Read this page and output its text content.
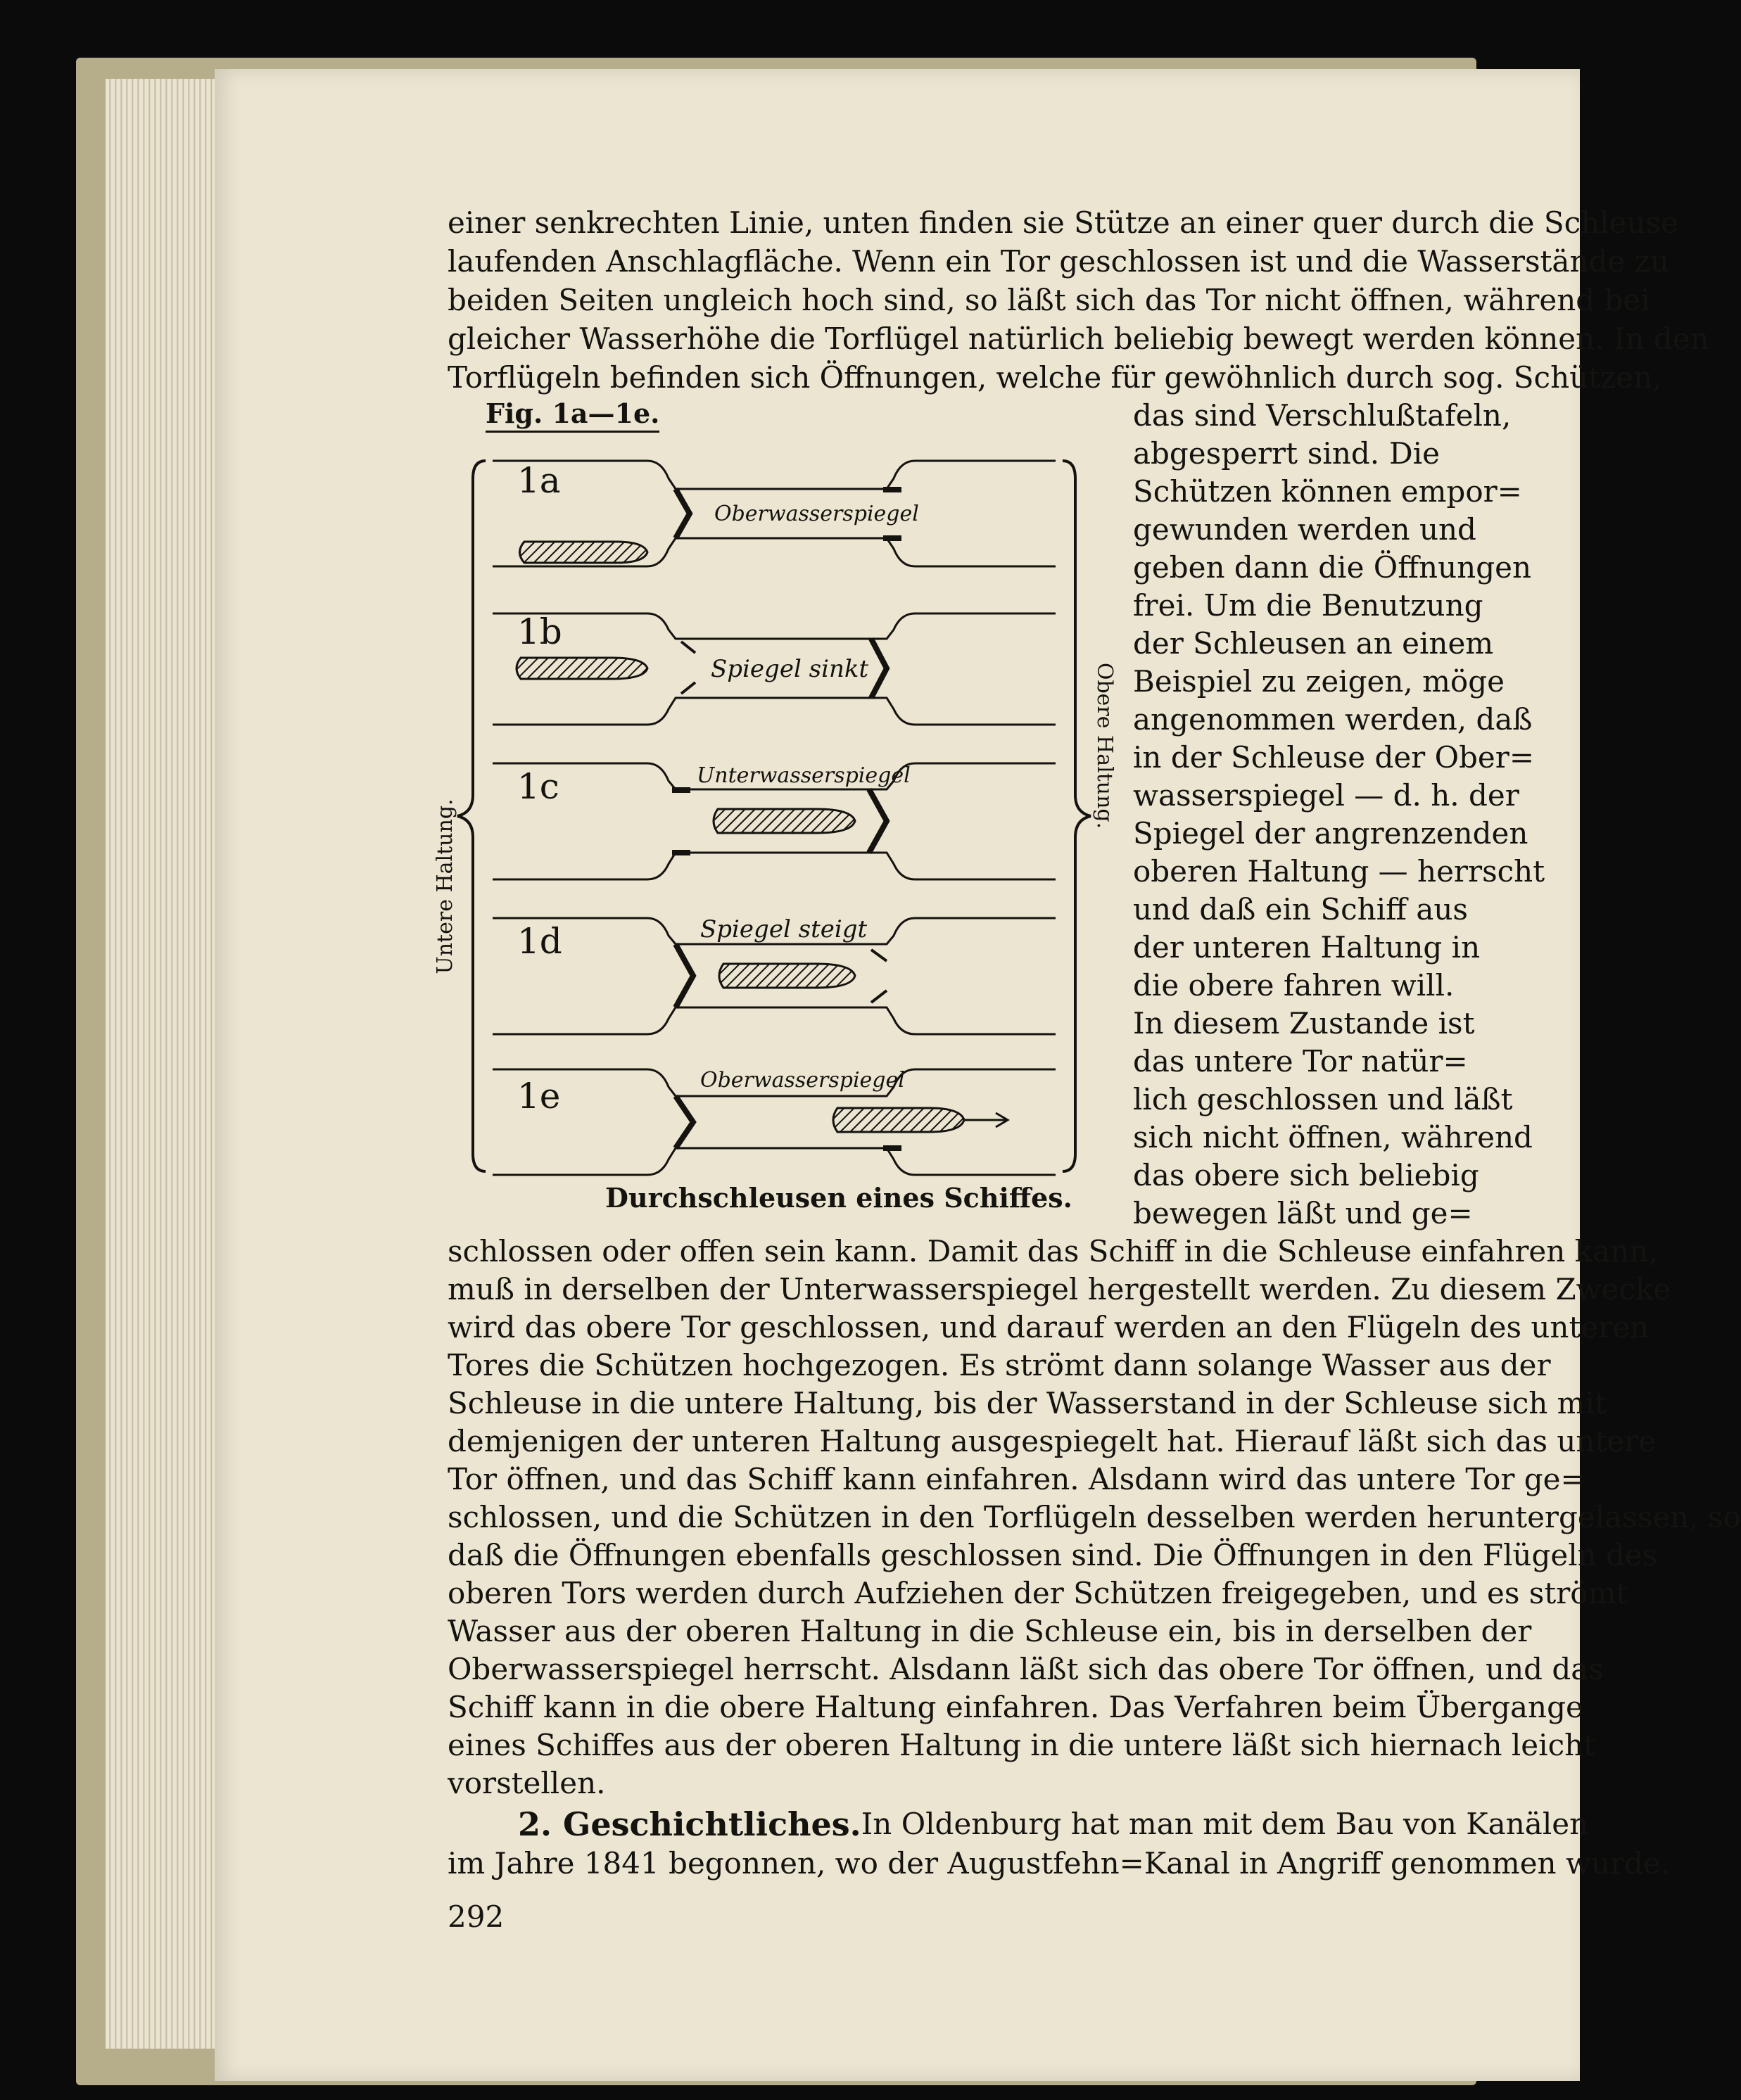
einer senkrechten Linie, unten finden sie Stütze an einer quer durch die Schleuse
laufenden Anschlagfläche. Wenn ein Tor geschlossen ist und die Wasserstände zu
beiden Seiten ungleich hoch sind, so läßt sich das Tor nicht öffnen, während bei
gleicher Wasserhöhe die Torflügel natürlich beliebig bewegt werden können. In den
Torflügeln befinden sich Öffnungen, welche für gewöhnlich durch sog. Schützen,
Fig. 1a—1e.	das sind Verschlußtafeln,
abgesperrt sind. Die
Schützen können empor=
gewunden werden und
geben dann die Öffnungen
frei. Um die Benutzung
der Schleusen an einem
Beispiel zu zeigen, möge
angenommen werden, daß
in der Schleuse der Ober=
wasserspiegel — d. h. der
Spiegel der angrenzenden
oberen Haltung — herrscht
und daß ein Schiff aus
der unteren Haltung in
die obere fahren will.
In diesem Zustande ist
das untere Tor natür=
lich geschlossen und läßt
sich nicht öffnen, während
das obere sich beliebig
bewegen läßt und ge=
1a
Oberwasserspiegel
1b
Spiegel sinkt
1c	Unterwasserspiegel
1d	Spiegel steigt
1e	Oberwasserspiegel
Untere Haltung.
Obere Haltung.
Durchschleusen eines Schiffes.
schlossen oder offen sein kann. Damit das Schiff in die Schleuse einfahren kann,
muß in derselben der Unterwasserspiegel hergestellt werden. Zu diesem Zwecke
wird das obere Tor geschlossen, und darauf werden an den Flügeln des unteren
Tores die Schützen hochgezogen. Es strömt dann solange Wasser aus der
Schleuse in die untere Haltung, bis der Wasserstand in der Schleuse sich mit
demjenigen der unteren Haltung ausgespiegelt hat. Hierauf läßt sich das untere
Tor öffnen, und das Schiff kann einfahren. Alsdann wird das untere Tor ge=
schlossen, und die Schützen in den Torflügeln desselben werden heruntergelassen, so
daß die Öffnungen ebenfalls geschlossen sind. Die Öffnungen in den Flügeln des
oberen Tors werden durch Aufziehen der Schützen freigegeben, und es strömt
Wasser aus der oberen Haltung in die Schleuse ein, bis in derselben der
Oberwasserspiegel herrscht. Alsdann läßt sich das obere Tor öffnen, und das
Schiff kann in die obere Haltung einfahren. Das Verfahren beim Übergange
eines Schiffes aus der oberen Haltung in die untere läßt sich hiernach leicht
vorstellen.
2. Geschichtliches. In Oldenburg hat man mit dem Bau von Kanälen
im Jahre 1841 begonnen, wo der Augustfehn=Kanal in Angriff genommen wurde.
292
